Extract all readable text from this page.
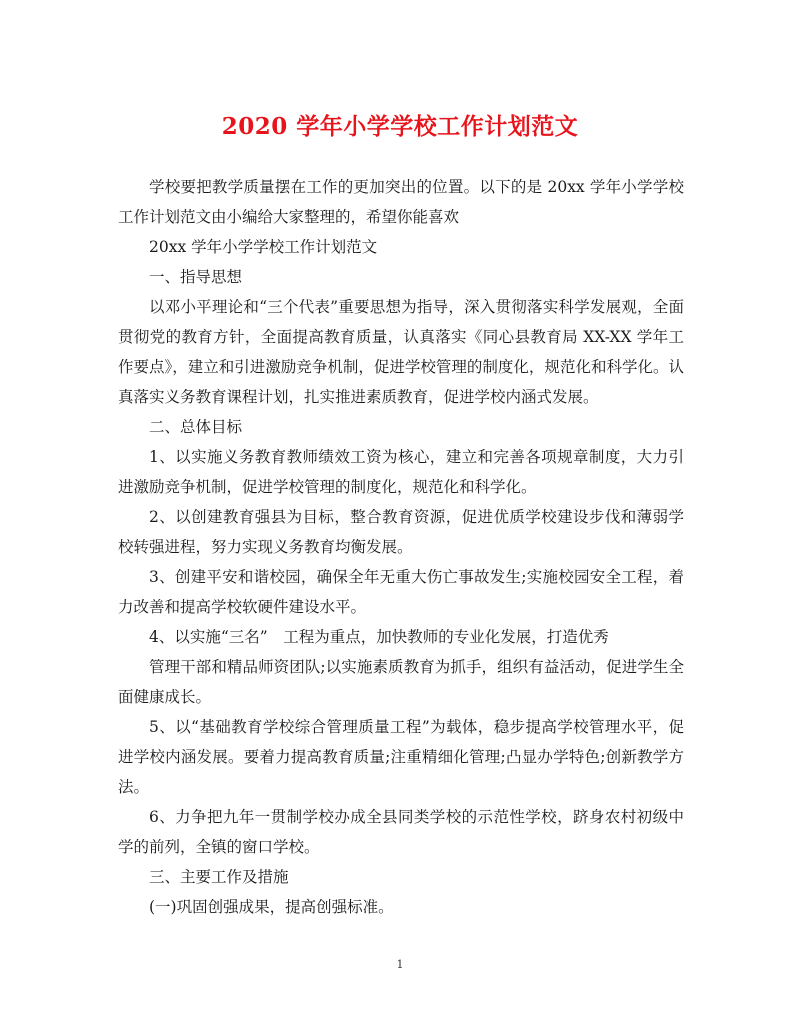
2020 学年小学学校工作计划范文

学校要把教学质量摆在工作的更加突出的位置。以下的是 20xx 学年小学学校工作计划范文由小编给大家整理的，希望你能喜欢

20xx 学年小学学校工作计划范文

一、指导思想

以邓小平理论和“三个代表”重要思想为指导，深入贯彻落实科学发展观，全面贯彻党的教育方针，全面提高教育质量，认真落实《同心县教育局 XX-XX 学年工作要点》，建立和引进激励竞争机制，促进学校管理的制度化，规范化和科学化。认真落实义务教育课程计划，扎实推进素质教育，促进学校内涵式发展。

二、总体目标

1、以实施义务教育教师绩效工资为核心，建立和完善各项规章制度，大力引进激励竞争机制，促进学校管理的制度化，规范化和科学化。

2、以创建教育强县为目标，整合教育资源，促进优质学校建设步伐和薄弱学校转强进程，努力实现义务教育均衡发展。

3、创建平安和谐校园，确保全年无重大伤亡事故发生;实施校园安全工程，着力改善和提高学校软硬件建设水平。

4、以实施“三名”　工程为重点，加快教师的专业化发展，打造优秀

管理干部和精品师资团队;以实施素质教育为抓手，组织有益活动，促进学生全面健康成长。

5、以“基础教育学校综合管理质量工程”为载体，稳步提高学校管理水平，促进学校内涵发展。要着力提高教育质量;注重精细化管理;凸显办学特色;创新教学方法。

6、力争把九年一贯制学校办成全县同类学校的示范性学校，跻身农村初级中学的前列，全镇的窗口学校。

三、主要工作及措施

(一)巩固创强成果，提高创强标准。

1
